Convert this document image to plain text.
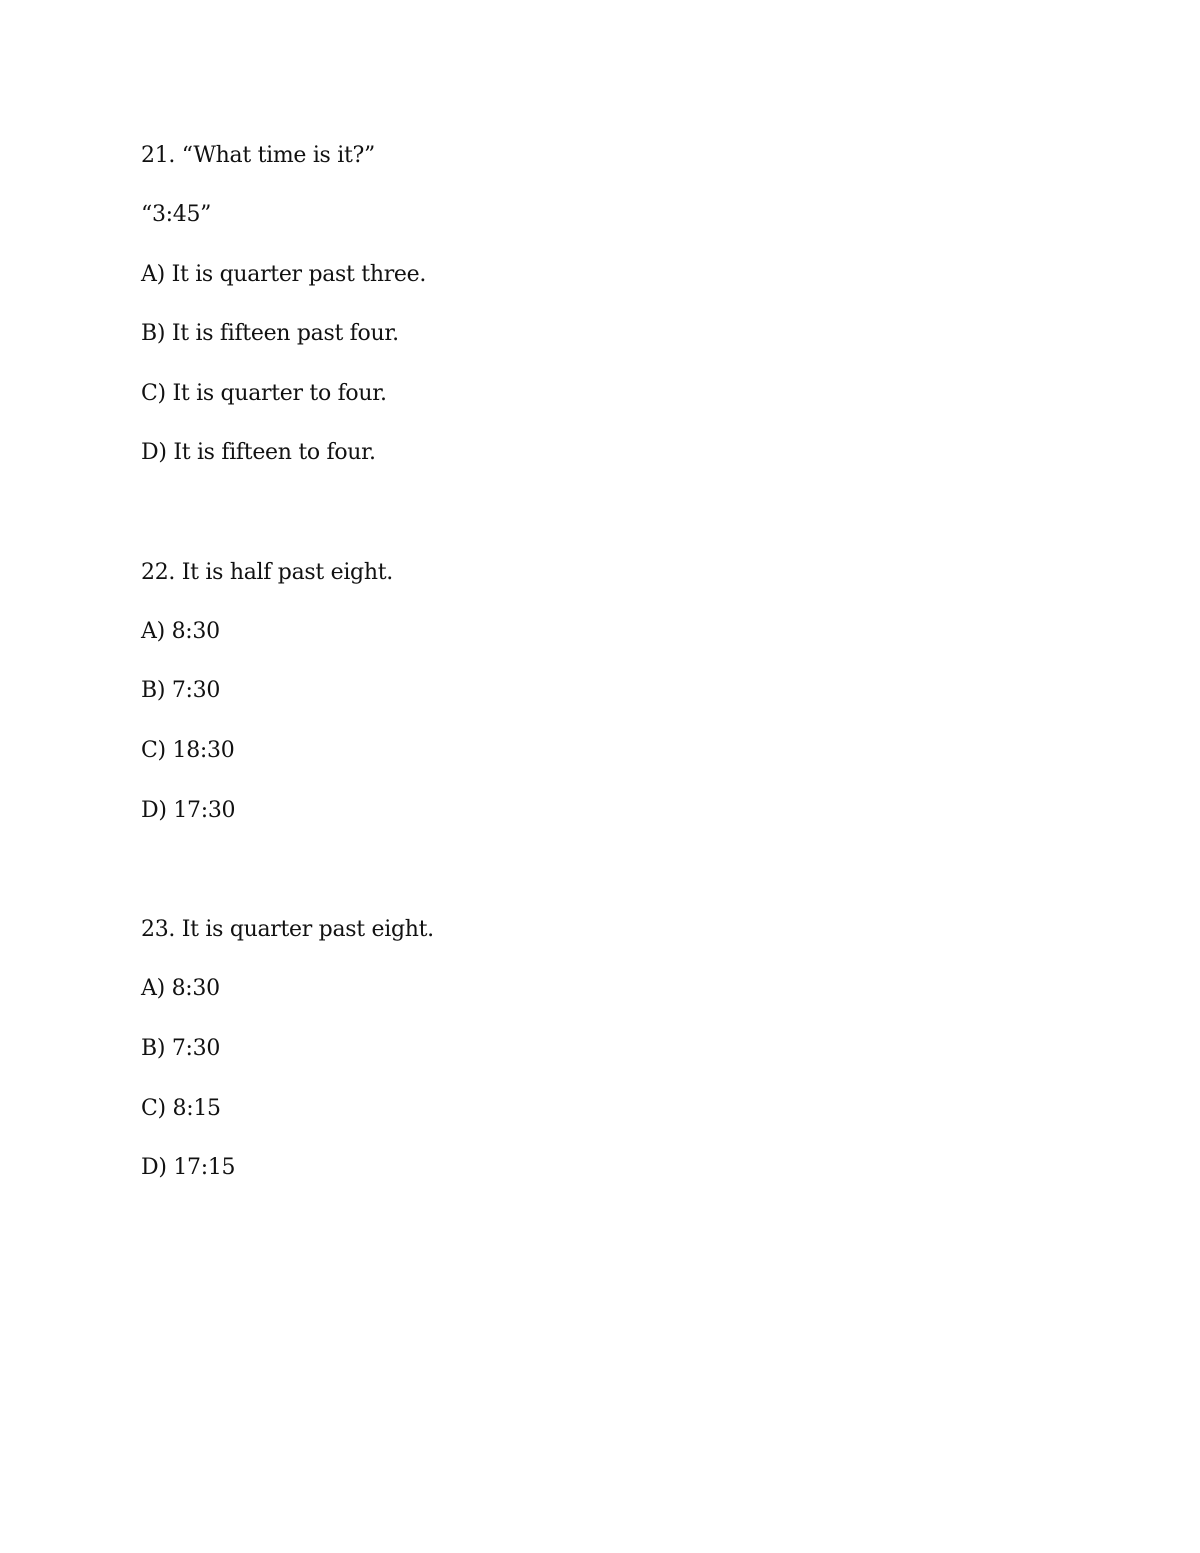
21. “What time is it?”
“3:45”
A) It is quarter past three.
B) It is fifteen past four.
C) It is quarter to four.
D) It is fifteen to four.
22. It is half past eight.
A) 8:30
B) 7:30
C) 18:30
D) 17:30
23. It is quarter past eight.
A) 8:30
B) 7:30
C) 8:15
D) 17:15
